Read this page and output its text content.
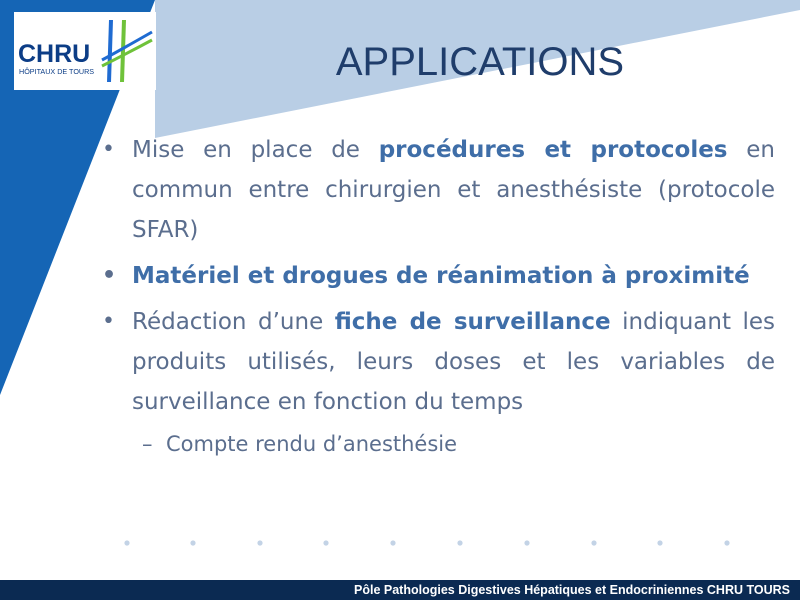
CHRU
HÔPITAUX DE TOURS	APPLICATIONS
• Mise en place de procédures et protocoles en commun entre chirurgien et anesthésiste (protocole SFAR)
• Matériel et drogues de réanimation à proximité
• Rédaction d’une fiche de surveillance indiquant les produits utilisés, leurs doses et les variables de surveillance en fonction du temps
– Compte rendu d’anesthésie
Pôle Pathologies Digestives Hépatiques et Endocriniennes CHRU TOURS
